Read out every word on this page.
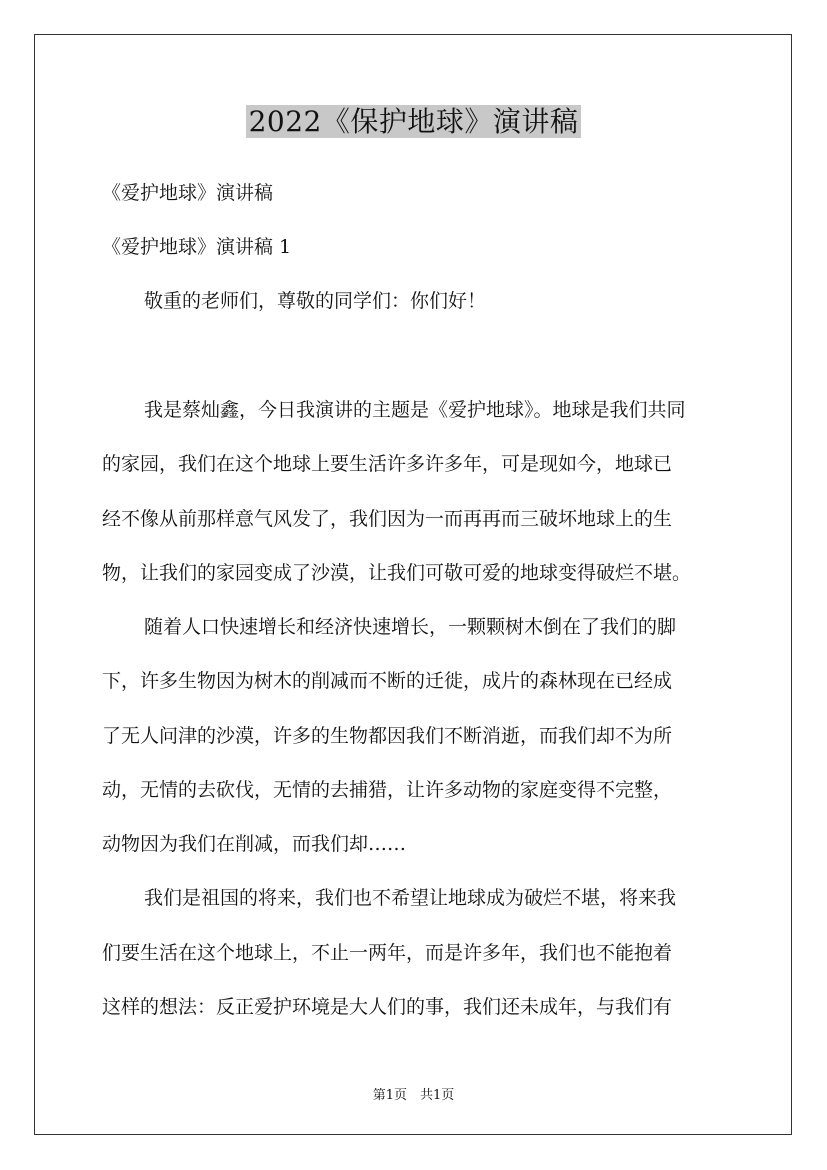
2022《保护地球》演讲稿
《爱护地球》演讲稿
《爱护地球》演讲稿 1
敬重的老师们，尊敬的同学们：你们好！
我是蔡灿鑫，今日我演讲的主题是《爱护地球》。地球是我们共同
的家园，我们在这个地球上要生活许多许多年，可是现如今，地球已
经不像从前那样意气风发了，我们因为一而再再而三破坏地球上的生
物，让我们的家园变成了沙漠，让我们可敬可爱的地球变得破烂不堪。
随着人口快速增长和经济快速增长，一颗颗树木倒在了我们的脚
下，许多生物因为树木的削减而不断的迁徙，成片的森林现在已经成
了无人问津的沙漠，许多的生物都因我们不断消逝，而我们却不为所
动，无情的去砍伐，无情的去捕猎，让许多动物的家庭变得不完整，
动物因为我们在削减，而我们却……
我们是祖国的将来，我们也不希望让地球成为破烂不堪，将来我
们要生活在这个地球上，不止一两年，而是许多年，我们也不能抱着
这样的想法：反正爱护环境是大人们的事，我们还未成年，与我们有
第1页　共1页
